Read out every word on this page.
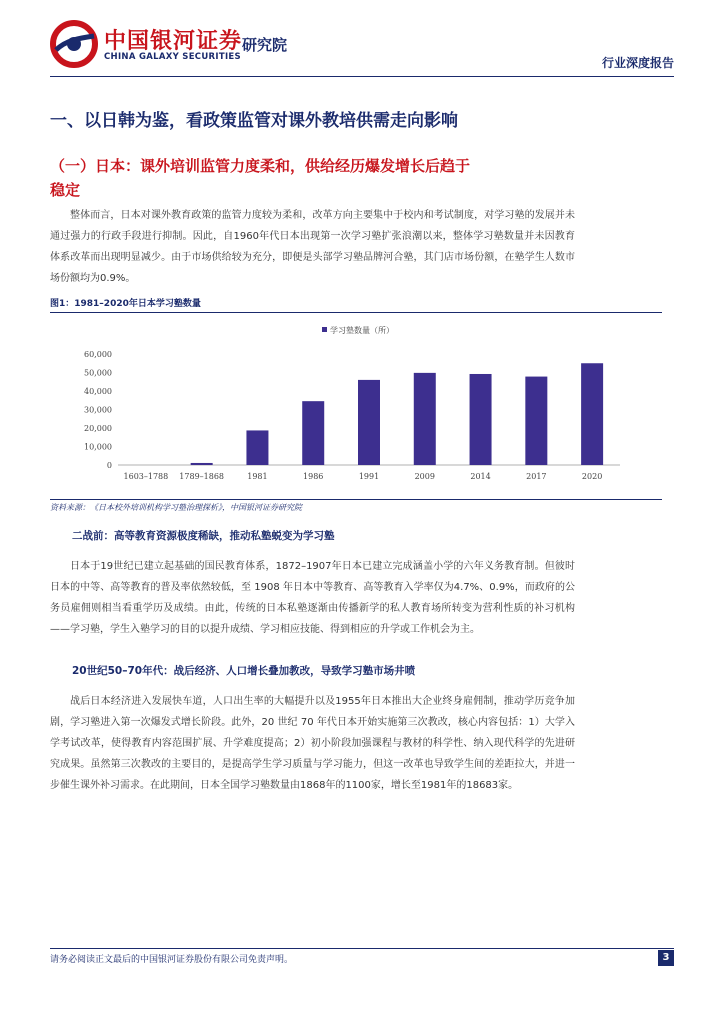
中国银河证券
CHINA GALAXY SECURITIES
研究院
行业深度报告
一、以日韩为鉴，看政策监管对课外教培供需走向影响
（一）日本：课外培训监管力度柔和，供给经历爆发增长后趋于稳定
整体而言，日本对课外教育政策的监管力度较为柔和，改革方向主要集中于校内和考试制度，对学习塾的发展并未通过强力的行政手段进行抑制。因此，自1960年代日本出现第一次学习塾扩张浪潮以来，整体学习塾数量并未因教育体系改革而出现明显减少。由于市场供给较为充分，即便是头部学习塾品牌河合塾，其门店市场份额，在塾学生人数市场份额均为0.9%。
图1：1981–2020年日本学习塾数量
学习塾数量（所）
0
10,000
20,000
30,000
40,000
50,000
60,000
1603–1788 1789–1868	1981	1986	1991	2009	2014	2017	2020
资料来源：《日本校外培训机构学习塾治理探析》，中国银河证券研究院
二战前：高等教育资源极度稀缺，推动私塾蜕变为学习塾
日本于19世纪已建立起基础的国民教育体系，1872–1907年日本已建立完成涵盖小学的六年义务教育制。但彼时日本的中等、高等教育的普及率依然较低，至 1908 年日本中等教育、高等教育入学率仅为4.7%、0.9%，而政府的公务员雇佣则相当看重学历及成绩。由此，传统的日本私塾逐渐由传播新学的私人教育场所转变为营利性质的补习机构——学习塾，学生入塾学习的目的以提升成绩、学习相应技能、得到相应的升学或工作机会为主。
20世纪50–70年代：战后经济、人口增长叠加教改，导致学习塾市场井喷
战后日本经济进入发展快车道，人口出生率的大幅提升以及1955年日本推出大企业终身雇佣制，推动学历竞争加剧，学习塾进入第一次爆发式增长阶段。此外，20 世纪 70 年代日本开始实施第三次教改，核心内容包括：1）大学入学考试改革，使得教育内容范围扩展、升学难度提高；2）初小阶段加强课程与教材的科学性、纳入现代科学的先进研究成果。虽然第三次教改的主要目的，是提高学生学习质量与学习能力，但这一改革也导致学生间的差距拉大，并进一步催生课外补习需求。在此期间，日本全国学习塾数量由1868年的1100家，增长至1981年的18683家。
请务必阅读正文最后的中国银河证券股份有限公司免责声明。	3
